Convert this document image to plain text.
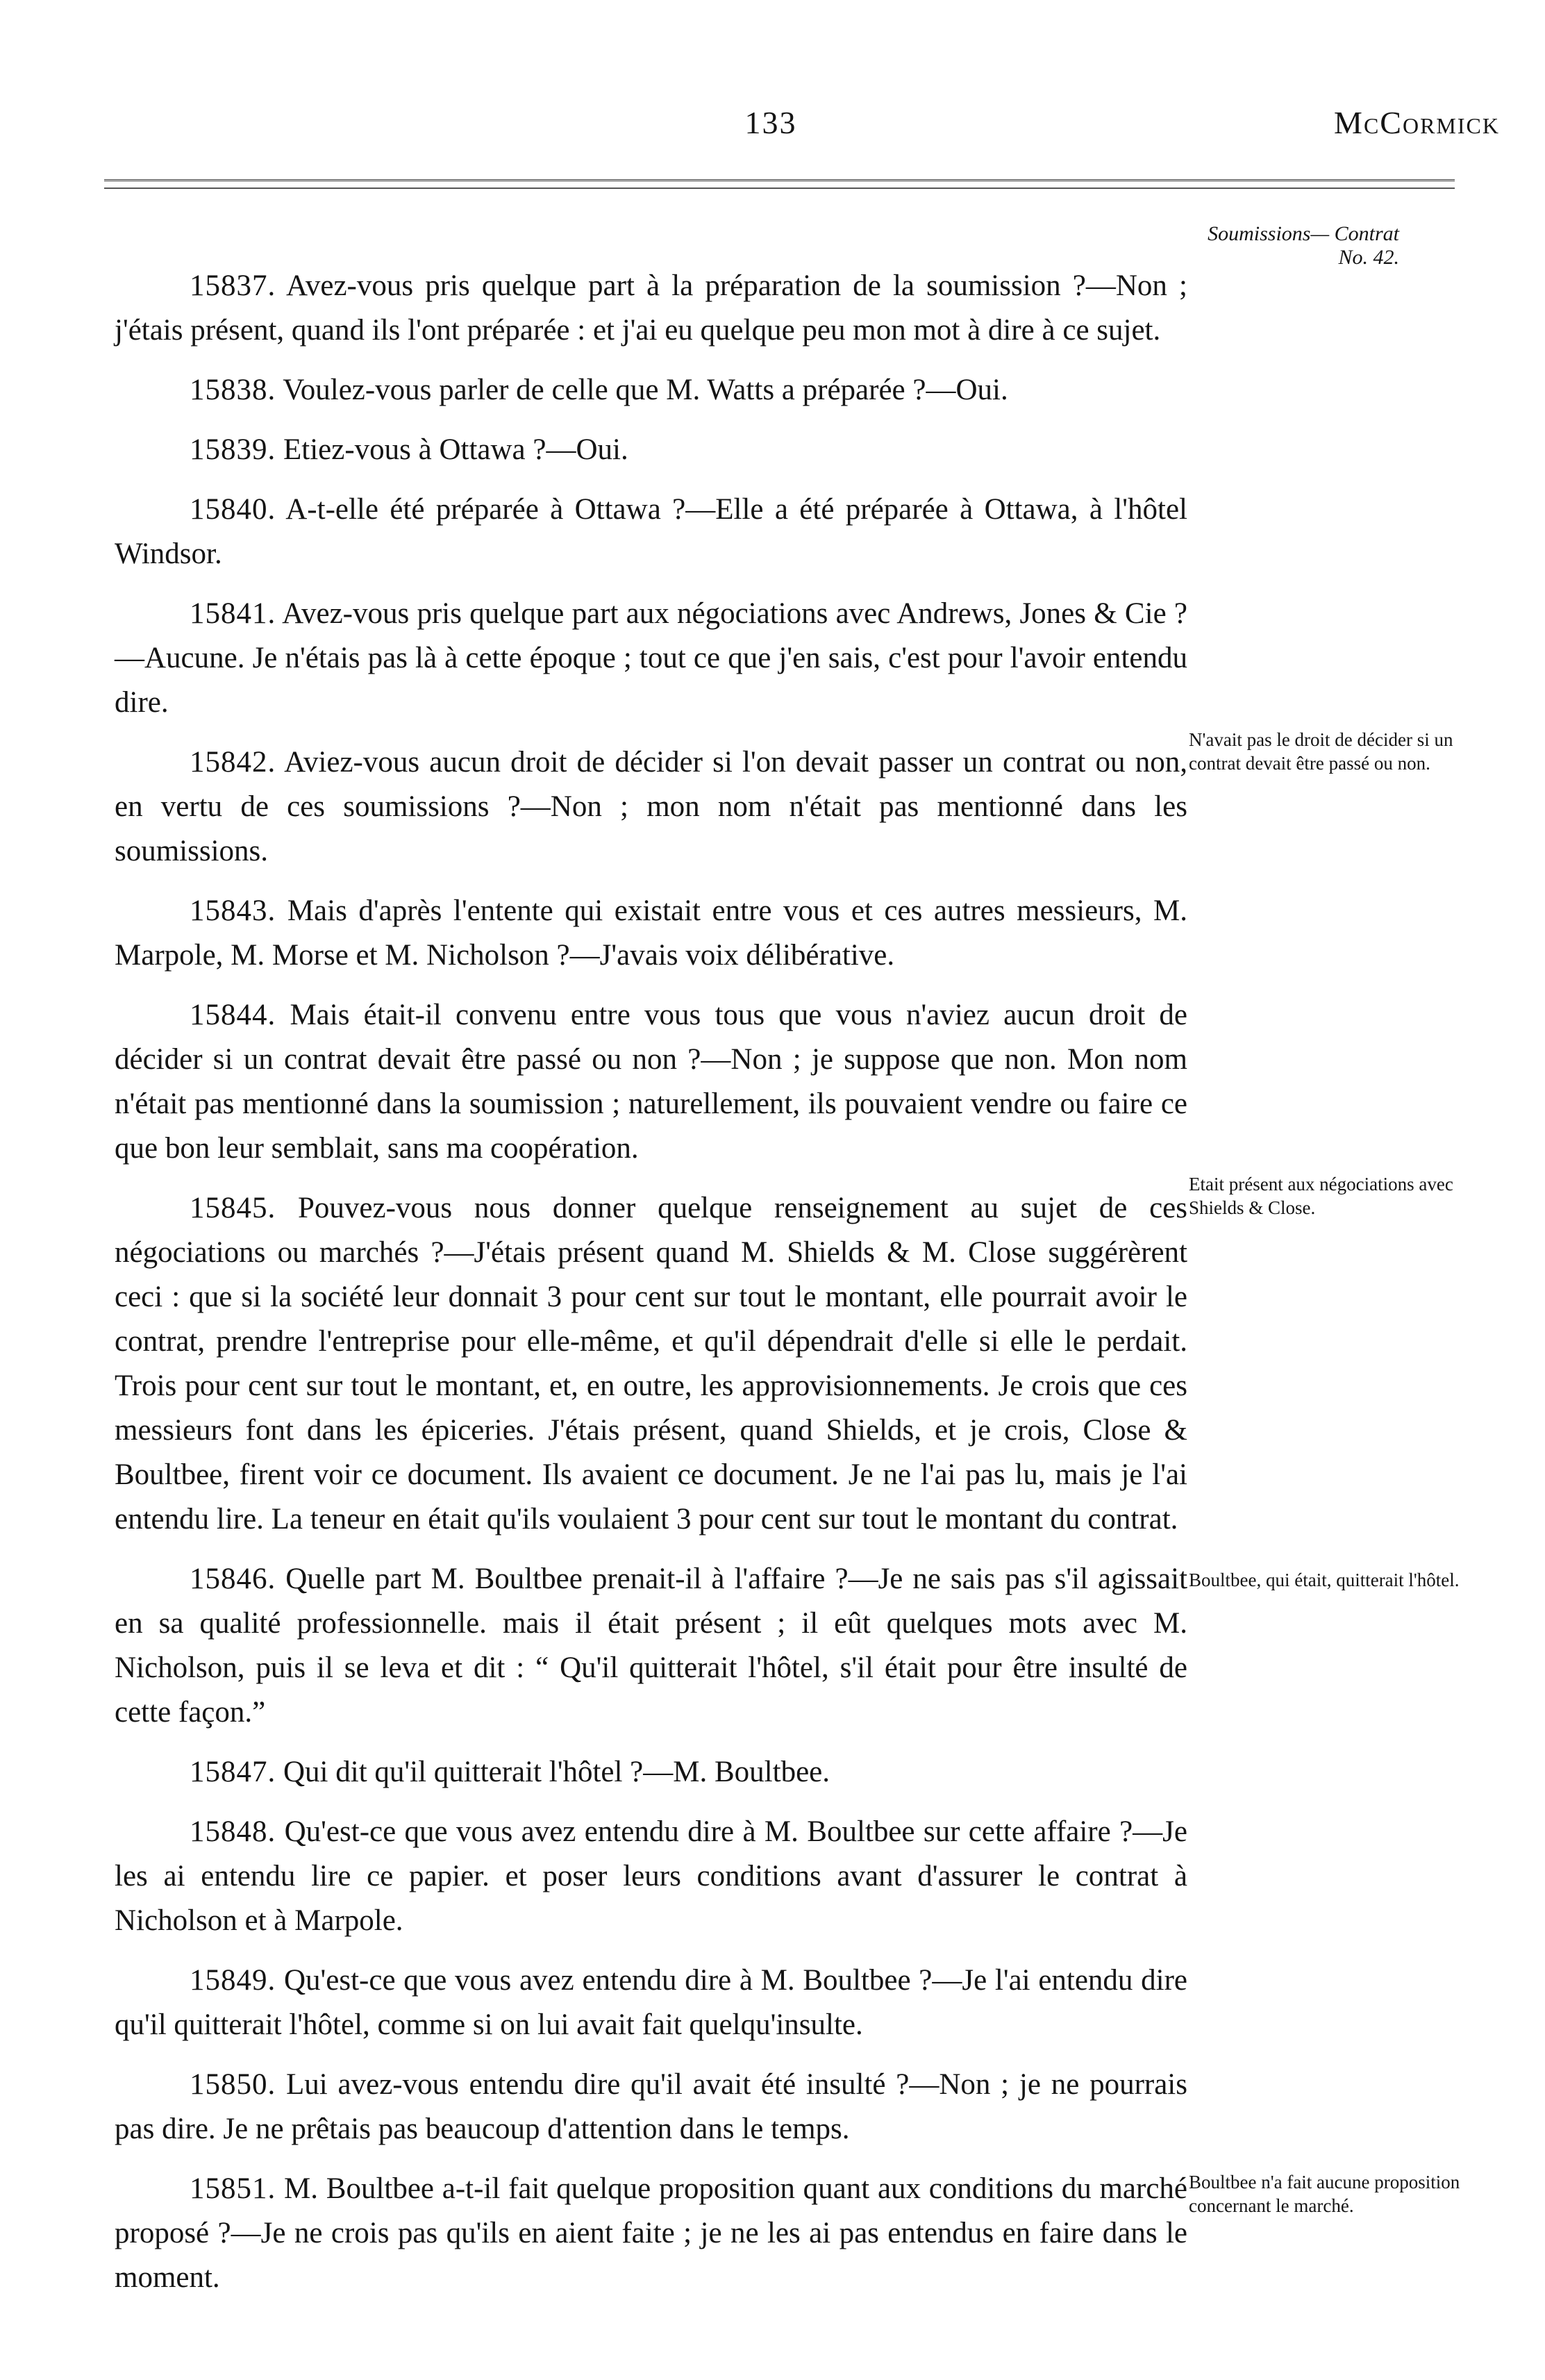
133	McCormick
Soumissions— Contrat No. 42.
N'avait pas le droit de décider si un contrat devait être passé ou non.
Etait présent aux négociations avec Shields & Close.
Boultbee, qui était, quitterait l'hôtel.
Boultbee n'a fait aucune proposition concernant le marché.

15837. Avez-vous pris quelque part à la préparation de la soumission ?—Non ; j'étais présent, quand ils l'ont préparée : et j'ai eu quelque peu mon mot à dire à ce sujet.

15838. Voulez-vous parler de celle que M. Watts a préparée ?—Oui.

15839. Etiez-vous à Ottawa ?—Oui.

15840. A-t-elle été préparée à Ottawa ?—Elle a été préparée à Ottawa, à l'hôtel Windsor.

15841. Avez-vous pris quelque part aux négociations avec Andrews, Jones & Cie ?—Aucune. Je n'étais pas là à cette époque ; tout ce que j'en sais, c'est pour l'avoir entendu dire.

15842. Aviez-vous aucun droit de décider si l'on devait passer un contrat ou non, en vertu de ces soumissions ?—Non ; mon nom n'était pas mentionné dans les soumissions.

15843. Mais d'après l'entente qui existait entre vous et ces autres messieurs, M. Marpole, M. Morse et M. Nicholson ?—J'avais voix délibérative.

15844. Mais était-il convenu entre vous tous que vous n'aviez aucun droit de décider si un contrat devait être passé ou non ?—Non ; je suppose que non. Mon nom n'était pas mentionné dans la soumission ; naturellement, ils pouvaient vendre ou faire ce que bon leur semblait, sans ma coopération.

15845. Pouvez-vous nous donner quelque renseignement au sujet de ces négociations ou marchés ?—J'étais présent quand M. Shields & M. Close suggérèrent ceci : que si la société leur donnait 3 pour cent sur tout le montant, elle pourrait avoir le contrat, prendre l'entreprise pour elle-même, et qu'il dépendrait d'elle si elle le perdait. Trois pour cent sur tout le montant, et, en outre, les approvisionnements. Je crois que ces messieurs font dans les épiceries. J'étais présent, quand Shields, et je crois, Close & Boultbee, firent voir ce document. Ils avaient ce document. Je ne l'ai pas lu, mais je l'ai entendu lire. La teneur en était qu'ils voulaient 3 pour cent sur tout le montant du contrat.

15846. Quelle part M. Boultbee prenait-il à l'affaire ?—Je ne sais pas s'il agissait en sa qualité professionnelle. mais il était présent ; il eût quelques mots avec M. Nicholson, puis il se leva et dit : “ Qu'il quitterait l'hôtel, s'il était pour être insulté de cette façon.”

15847. Qui dit qu'il quitterait l'hôtel ?—M. Boultbee.

15848. Qu'est-ce que vous avez entendu dire à M. Boultbee sur cette affaire ?—Je les ai entendu lire ce papier. et poser leurs conditions avant d'assurer le contrat à Nicholson et à Marpole.

15849. Qu'est-ce que vous avez entendu dire à M. Boultbee ?—Je l'ai entendu dire qu'il quitterait l'hôtel, comme si on lui avait fait quelqu'insulte.

15850. Lui avez-vous entendu dire qu'il avait été insulté ?—Non ; je ne pourrais pas dire. Je ne prêtais pas beaucoup d'attention dans le temps.

15851. M. Boultbee a-t-il fait quelque proposition quant aux conditions du marché proposé ?—Je ne crois pas qu'ils en aient faite ; je ne les ai pas entendus en faire dans le moment.
